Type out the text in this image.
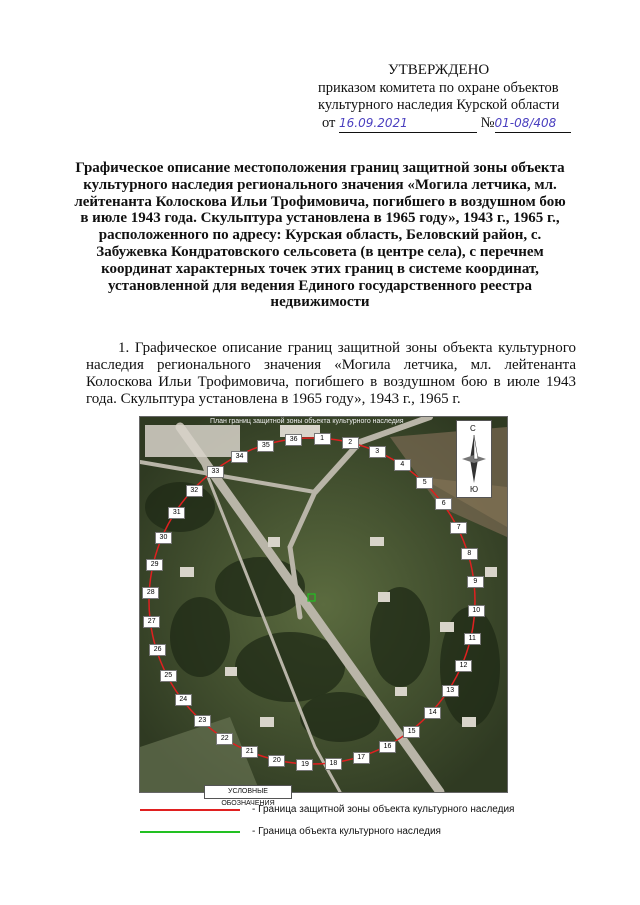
УТВЕРЖДЕНО
приказом комитета по охране объектов
культурного наследия Курской области
от 16.09.2021	№01-08/408
Графическое описание местоположения границ защитной зоны объекта культурного наследия регионального значения «Могила летчика, мл. лейтенанта Колоскова Ильи Трофимовича, погибшего в воздушном бою в июле 1943 года. Скульптура установлена в 1965 году», 1943 г., 1965 г., расположенного по адресу: Курская область, Беловский район, с. Забужевка Кондратовского сельсовета (в центре села), с перечнем координат характерных точек этих границ в системе координат, установленной для ведения Единого государственного реестра недвижимости
1. Графическое описание границ защитной зоны объекта культурного наследия регионального значения «Могила летчика, мл. лейтенанта Колоскова Ильи Трофимовича, погибшего в воздушном бою в июле 1943 года. Скульптура установлена в 1965 году», 1943 г., 1965 г.
План границ защитной зоны объекта культурного наследия
1
2
3
4
5
6
7
8
9
10
11
12
13
14
15
16
17
18
19
20
21
22
23
24
25
26
27
28
29
30
31
32
33
34
35
36
С
Ю
УСЛОВНЫЕ ОБОЗНАЧЕНИЯ
- Граница защитной зоны объекта культурного наследия
- Граница объекта культурного наследия
